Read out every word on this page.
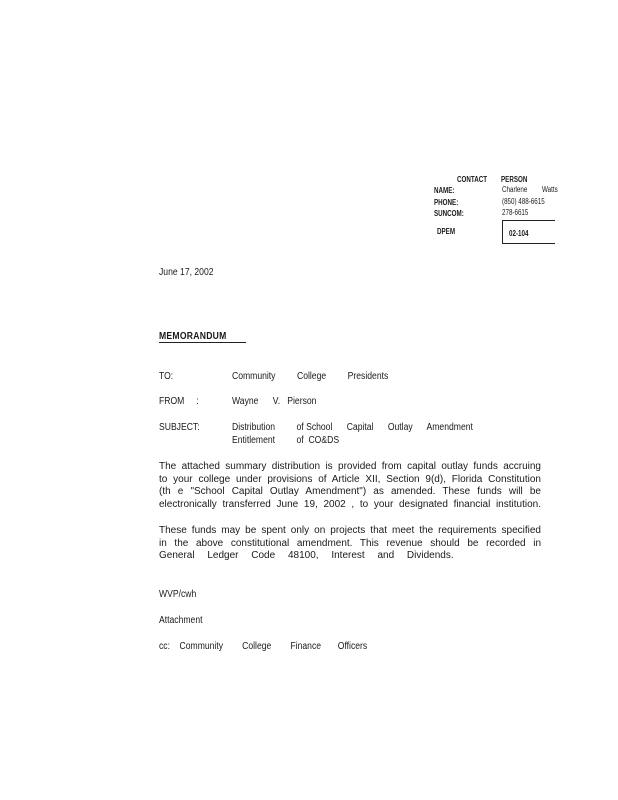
CONTACT PERSON
NAME:	Charlene Watts
PHONE:	(850) 488-6615
SUNCOM:	278-6615
DPEM	02-104
June 17, 2002
MEMORANDUM
TO:	Community         College         Presidents
FROM     :	Wayne      V.   Pierson
SUBJECT:	Distribution         of School      Capital      Outlay      Amendment
Entitlement         of  CO&DS
The attached summary distribution is provided from capital outlay funds accruing
to your college under provisions of Article XII, Section 9(d), Florida Constitution
(th e "School Capital Outlay Amendment") as amended. These funds will be
electronically transferred June 19, 2002 , to your designated financial institution.
These funds may be spent only on projects that meet the requirements specified
in the above constitutional amendment. This revenue should be recorded in
General Ledger Code 48100, Interest and Dividends.
WVP/cwh
Attachment
cc:    Community        College        Finance       Officers
